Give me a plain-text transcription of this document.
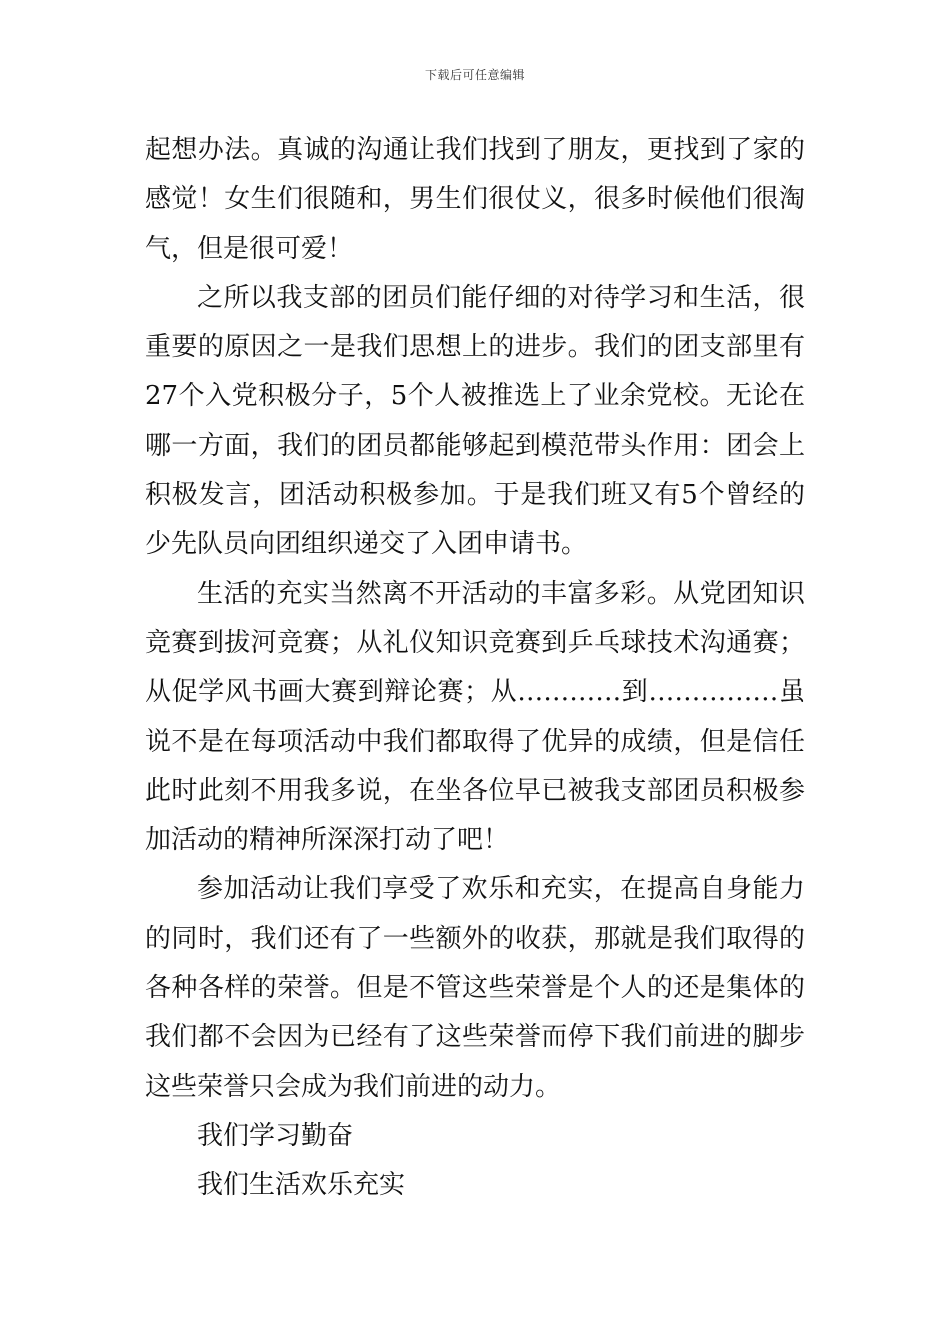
下载后可任意编辑

起想办法。真诚的沟通让我们找到了朋友，更找到了家的感觉！女生们很随和，男生们很仗义，很多时候他们很淘气，但是很可爱！

之所以我支部的团员们能仔细的对待学习和生活，很重要的原因之一是我们思想上的进步。我们的团支部里有27个入党积极分子，5个人被推选上了业余党校。无论在哪一方面，我们的团员都能够起到模范带头作用：团会上积极发言，团活动积极参加。于是我们班又有5个曾经的少先队员向团组织递交了入团申请书。

生活的充实当然离不开活动的丰富多彩。从党团知识竞赛到拔河竞赛；从礼仪知识竞赛到乒乓球技术沟通赛；从促学风书画大赛到辩论赛；从…………到……………虽说不是在每项活动中我们都取得了优异的成绩，但是信任此时此刻不用我多说，在坐各位早已被我支部团员积极参加活动的精神所深深打动了吧！

参加活动让我们享受了欢乐和充实，在提高自身能力的同时，我们还有了一些额外的收获，那就是我们取得的各种各样的荣誉。但是不管这些荣誉是个人的还是集体的我们都不会因为已经有了这些荣誉而停下我们前进的脚步这些荣誉只会成为我们前进的动力。

我们学习勤奋

我们生活欢乐充实
